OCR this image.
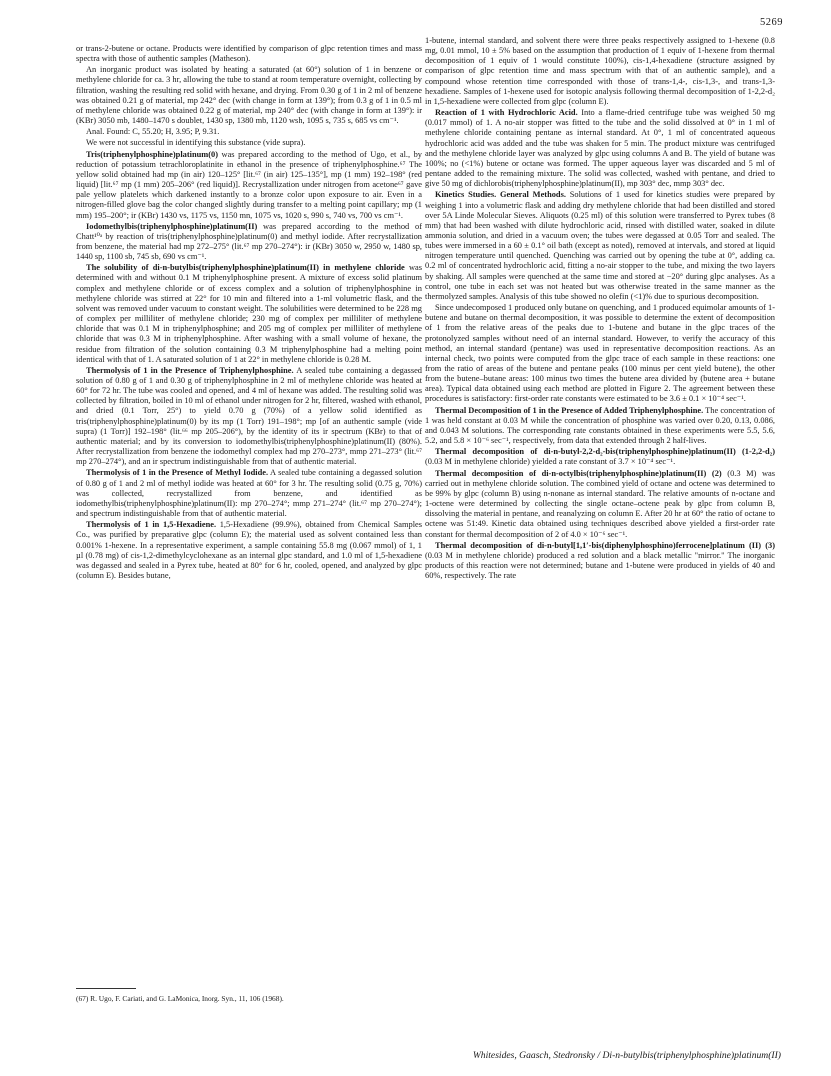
5269

or trans-2-butene or octane. Products were identified by comparison of glpc retention times and mass spectra with those of authentic samples (Matheson).

An inorganic product was isolated by heating a saturated (at 60°) solution of 1 in benzene or methylene chloride for ca. 3 hr, allowing the tube to stand at room temperature overnight, collecting by filtration, washing the resulting red solid with hexane, and drying. From 0.30 g of 1 in 2 ml of benzene was obtained 0.21 g of material, mp 242° dec (with change in form at 139°); from 0.3 g of 1 in 0.5 ml of methylene chloride was obtained 0.22 g of material, mp 240° dec (with change in form at 139°): ir (KBr) 3050 mb, 1480–1470 s doublet, 1430 sp, 1380 mb, 1120 wsh, 1095 s, 735 s, 685 vs cm⁻¹.

Anal. Found: C, 55.20; H, 3.95; P, 9.31.

We were not successful in identifying this substance (vide supra).

Tris(triphenylphosphine)platinum(0) was prepared according to the method of Ugo, et al., by reduction of potassium tetrachloroplatinite in ethanol in the presence of triphenylphosphine.⁶⁷ The yellow solid obtained had mp (in air) 120–125° [lit.⁶⁷ (in air) 125–135°], mp (1 mm) 192–198° (red liquid) [lit.⁶⁷ mp (1 mm) 205–206° (red liquid)]. Recrystallization under nitrogen from acetone⁶⁷ gave pale yellow platelets which darkened instantly to a bronze color upon exposure to air. Even in a nitrogen-filled glove bag the color changed slightly during transfer to a melting point capillary; mp (1 mm) 195–200°; ir (KBr) 1430 vs, 1175 vs, 1150 mn, 1075 vs, 1020 s, 990 s, 740 vs, 700 vs cm⁻¹.

Iodomethylbis(triphenylphosphine)platinum(II) was prepared according to the method of Chatt¹⁰ᵃ by reaction of tris(triphenylphosphine)platinum(0) and methyl iodide. After recrystallization from benzene, the material had mp 272–275° (lit.⁶⁷ mp 270–274°): ir (KBr) 3050 w, 2950 w, 1480 sp, 1440 sp, 1100 sb, 745 sb, 690 vs cm⁻¹.

The solubility of di-n-butylbis(triphenylphosphine)platinum(II) in methylene chloride was determined with and without 0.1 M triphenylphosphine present. A mixture of excess solid platinum complex and methylene chloride or of excess complex and a solution of triphenylphosphine in methylene chloride was stirred at 22° for 10 min and filtered into a 1-ml volumetric flask, and the solvent was removed under vacuum to constant weight. The solubilities were determined to be 228 mg of complex per milliliter of methylene chloride; 230 mg of complex per milliliter of methylene chloride that was 0.1 M in triphenylphosphine; and 205 mg of complex per milliliter of methylene chloride that was 0.3 M in triphenylphosphine. After washing with a small volume of hexane, the residue from filtration of the solution containing 0.3 M triphenylphosphine had a melting point identical with that of 1. A saturated solution of 1 at 22° in methylene chloride is 0.28 M.

Thermolysis of 1 in the Presence of Triphenylphosphine. A sealed tube containing a degassed solution of 0.80 g of 1 and 0.30 g of triphenylphosphine in 2 ml of methylene chloride was heated at 60° for 72 hr. The tube was cooled and opened, and 4 ml of hexane was added. The resulting solid was collected by filtration, boiled in 10 ml of ethanol under nitrogen for 2 hr, filtered, washed with ethanol, and dried (0.1 Torr, 25°) to yield 0.70 g (70%) of a yellow solid identified as tris(triphenylphosphine)platinum(0) by its mp (1 Torr) 191–198°; mp [of an authentic sample (vide supra) (1 Torr)] 192–198° (lit.⁶⁶ mp 205–206°), by the identity of its ir spectrum (KBr) to that of authentic material; and by its conversion to iodomethylbis(triphenylphosphine)platinum(II) (80%). After recrystallization from benzene the iodomethyl complex had mp 270–273°, mmp 271–273° (lit.⁶⁷ mp 270–274°), and an ir spectrum indistinguishable from that of authentic material.

Thermolysis of 1 in the Presence of Methyl Iodide. A sealed tube containing a degassed solution of 0.80 g of 1 and 2 ml of methyl iodide was heated at 60° for 3 hr. The resulting solid (0.75 g, 70%) was collected, recrystallized from benzene, and identified as iodomethylbis(triphenylphosphine)platinum(II): mp 270–274°; mmp 271–274° (lit.⁶⁷ mp 270–274°); and spectrum indistinguishable from that of authentic material.

Thermolysis of 1 in 1,5-Hexadiene. 1,5-Hexadiene (99.9%), obtained from Chemical Samples Co., was purified by preparative glpc (column E); the material used as solvent contained less than 0.001% 1-hexene. In a representative experiment, a sample containing 55.8 mg (0.067 mmol) of 1, 1 µl (0.78 mg) of cis-1,2-dimethylcyclohexane as an internal glpc standard, and 1.0 ml of 1,5-hexadiene was degassed and sealed in a Pyrex tube, heated at 80° for 6 hr, cooled, opened, and analyzed by glpc (column E). Besides butane,

1-butene, internal standard, and solvent there were three peaks respectively assigned to 1-hexene (0.8 mg, 0.01 mmol, 10 ± 5% based on the assumption that production of 1 equiv of 1-hexene from thermal decomposition of 1 equiv of 1 would constitute 100%), cis-1,4-hexadiene (structure assigned by comparison of glpc retention time and mass spectrum with that of an authentic sample), and a compound whose retention time corresponded with those of trans-1,4-, cis-1,3-, and trans-1,3-hexadiene. Samples of 1-hexene used for isotopic analysis following thermal decomposition of 1-2,2-d₂ in 1,5-hexadiene were collected from glpc (column E).

Reaction of 1 with Hydrochloric Acid. Into a flame-dried centrifuge tube was weighed 50 mg (0.017 mmol) of 1. A no-air stopper was fitted to the tube and the solid dissolved at 0° in 1 ml of methylene chloride containing pentane as internal standard. At 0°, 1 ml of concentrated aqueous hydrochloric acid was added and the tube was shaken for 5 min. The product mixture was centrifuged and the methylene chloride layer was analyzed by glpc using columns A and B. The yield of butane was 100%; no (<1%) butene or octane was formed. The upper aqueous layer was discarded and 5 ml of pentane added to the remaining mixture. The solid was collected, washed with pentane, and dried to give 50 mg of dichlorobis(triphenylphosphine)platinum(II), mp 303° dec, mmp 303° dec.

Kinetics Studies. General Methods. Solutions of 1 used for kinetics studies were prepared by weighing 1 into a volumetric flask and adding dry methylene chloride that had been distilled and stored over 5A Linde Molecular Sieves. Aliquots (0.25 ml) of this solution were transferred to Pyrex tubes (8 mm) that had been washed with dilute hydrochloric acid, rinsed with distilled water, soaked in dilute ammonia solution, and dried in a vacuum oven; the tubes were degassed at 0.05 Torr and sealed. The tubes were immersed in a 60 ± 0.1° oil bath (except as noted), removed at intervals, and stored at liquid nitrogen temperature until quenched. Quenching was carried out by opening the tube at 0°, adding ca. 0.2 ml of concentrated hydrochloric acid, fitting a no-air stopper to the tube, and mixing the two layers by shaking. All samples were quenched at the same time and stored at −20° during glpc analyses. As a control, one tube in each set was not heated but was otherwise treated in the same manner as the thermolyzed samples. Analysis of this tube showed no olefin (<1)% due to spurious decomposition.

Since undecomposed 1 produced only butane on quenching, and 1 produced equimolar amounts of 1-butene and butane on thermal decomposition, it was possible to determine the extent of decomposition of 1 from the relative areas of the peaks due to 1-butene and butane in the glpc traces of the protonolyzed samples without need of an internal standard. However, to verify the accuracy of this method, an internal standard (pentane) was used in representative decomposition reactions. As an internal check, two points were computed from the glpc trace of each sample in these reactions: one from the ratio of areas of the butene and pentane peaks (100 minus per cent yield butene), the other from the butene–butane areas: 100 minus two times the butene area divided by (butene area + butane area). Typical data obtained using each method are plotted in Figure 2. The agreement between these procedures is satisfactory: first-order rate constants were estimated to be 3.6 ± 0.1 × 10⁻⁴ sec⁻¹.

Thermal Decomposition of 1 in the Presence of Added Triphenylphosphine. The concentration of 1 was held constant at 0.03 M while the concentration of phosphine was varied over 0.20, 0.13, 0.086, and 0.043 M solutions. The corresponding rate constants obtained in these experiments were 5.5, 5.6, 5.2, and 5.8 × 10⁻⁶ sec⁻¹, respectively, from data that extended through 2 half-lives.

Thermal decomposition of di-n-butyl-2,2-d₂-bis(triphenylphosphine)platinum(II) (1-2,2-d₂) (0.03 M in methylene chloride) yielded a rate constant of 3.7 × 10⁻⁴ sec⁻¹.

Thermal decomposition of di-n-octylbis(triphenylphosphine)platinum(II) (2) (0.3 M) was carried out in methylene chloride solution. The combined yield of octane and octene was determined to be 99% by glpc (column B) using n-nonane as internal standard. The relative amounts of n-octane and 1-octene were determined by collecting the single octane–octene peak by glpc from column B, dissolving the material in pentane, and reanalyzing on column E. After 20 hr at 60° the ratio of octane to octene was 51:49. Kinetic data obtained using techniques described above yielded a first-order rate constant for thermal decomposition of 2 of 4.0 × 10⁻⁶ sec⁻¹.

Thermal decomposition of di-n-butyl[1,1′-bis(diphenylphosphino)ferrocene]platinum (II) (3) (0.03 M in methylene chloride) produced a red solution and a black metallic "mirror." The inorganic products of this reaction were not determined; butane and 1-butene were produced in yields of 40 and 60%, respectively. The rate

(67) R. Ugo, F. Cariati, and G. LaMonica, Inorg. Syn., 11, 106 (1968).
Whitesides, Gaasch, Stedronsky / Di-n-butylbis(triphenylphosphine)platinum(II)
